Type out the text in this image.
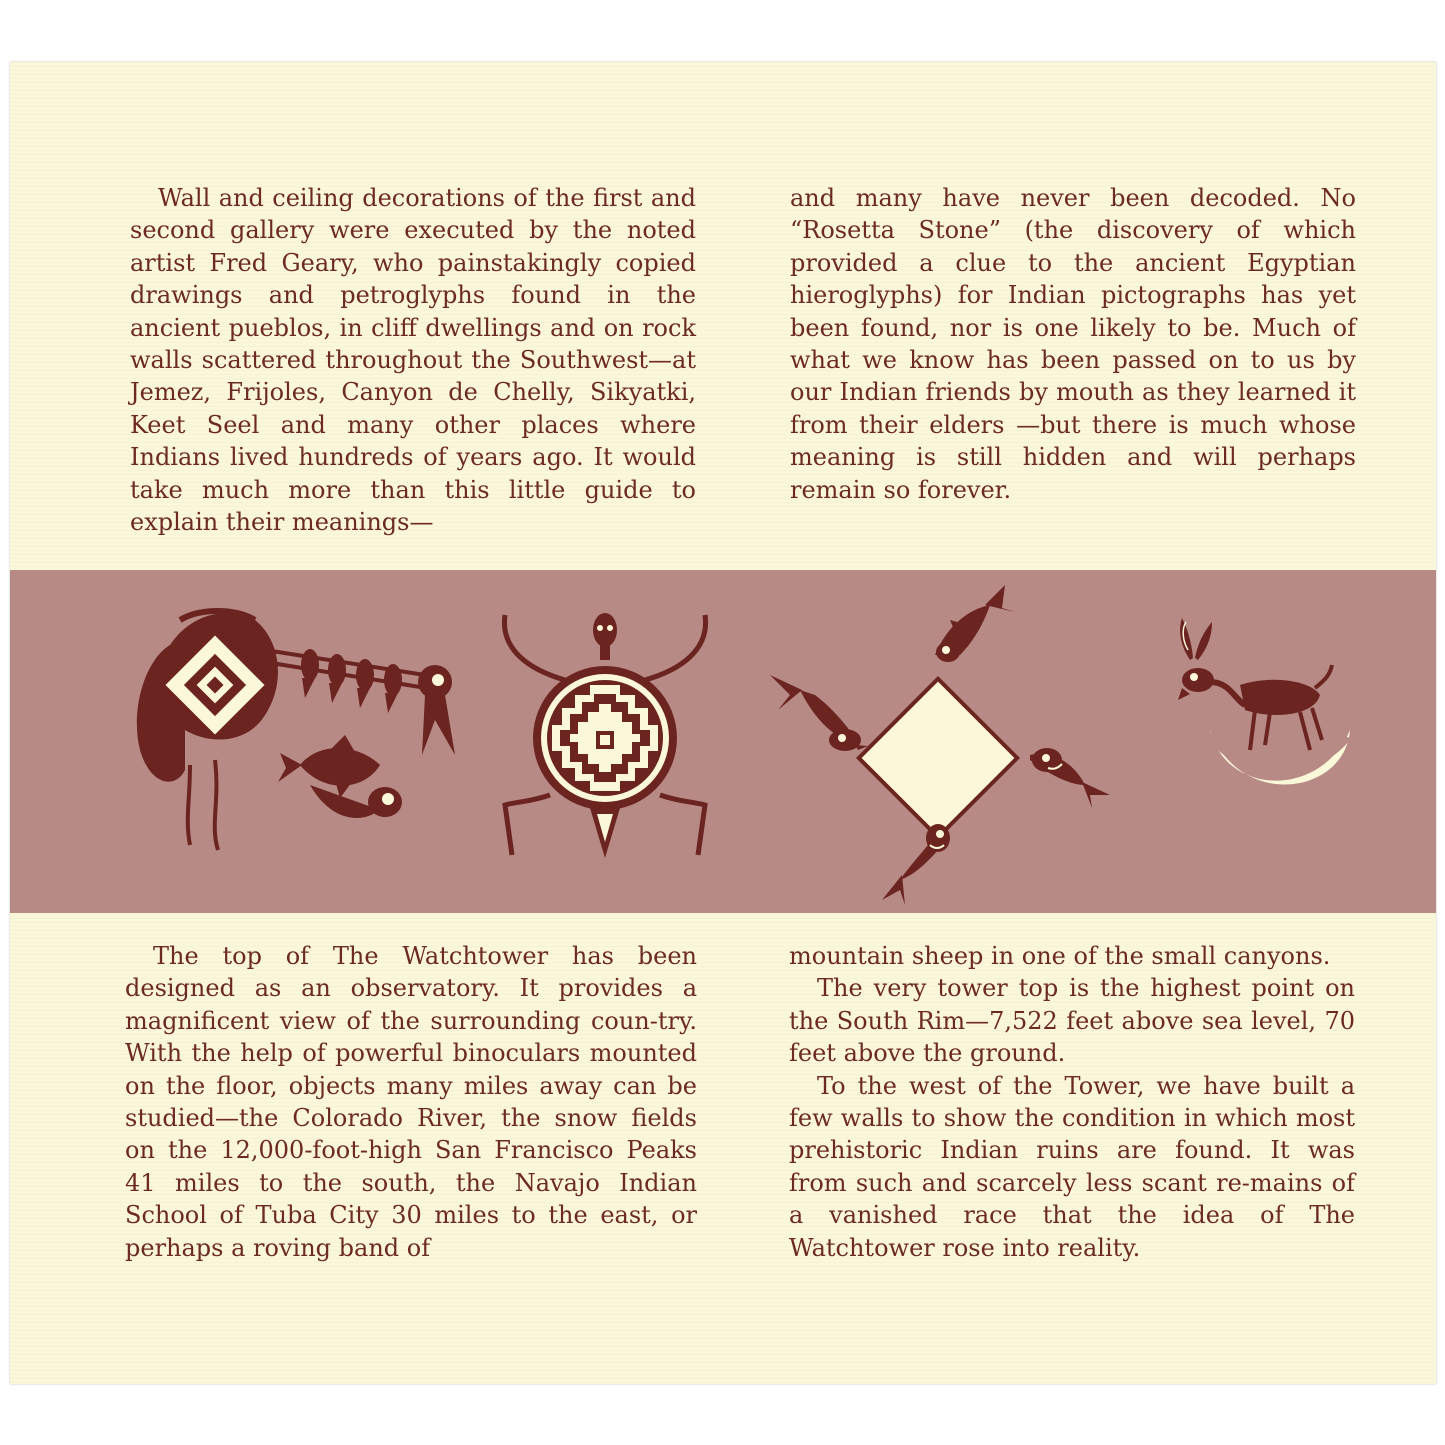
Wall and ceiling decorations of the first and second gallery were executed by the noted artist Fred Geary, who painstakingly copied drawings and petroglyphs found in the ancient pueblos, in cliff dwellings and on rock walls scattered throughout the Southwest—at Jemez, Frijoles, Canyon de Chelly, Sikyatki, Keet Seel and many other places where Indians lived hundreds of years ago. It would take much more than this little guide to explain their meanings—

and many have never been decoded. No “Rosetta Stone” (the discovery of which provided a clue to the ancient Egyptian hieroglyphs) for Indian pictographs has yet been found, nor is one likely to be. Much of what we know has been passed on to us by our Indian friends by mouth as they learned it from their elders —but there is much whose meaning is still hidden and will perhaps remain so forever.

The top of The Watchtower has been designed as an observatory. It provides a magnificent view of the surrounding coun-try. With the help of powerful binoculars mounted on the floor, objects many miles away can be studied—the Colorado River, the snow fields on the 12,000-foot-high San Francisco Peaks 41 miles to the south, the Navajo Indian School of Tuba City 30 miles to the east, or perhaps a roving band of

mountain sheep in one of the small canyons.

The very tower top is the highest point on the South Rim—7,522 feet above sea level, 70 feet above the ground.

To the west of the Tower, we have built a few walls to show the condition in which most prehistoric Indian ruins are found. It was from such and scarcely less scant re-mains of a vanished race that the idea of The Watchtower rose into reality.
